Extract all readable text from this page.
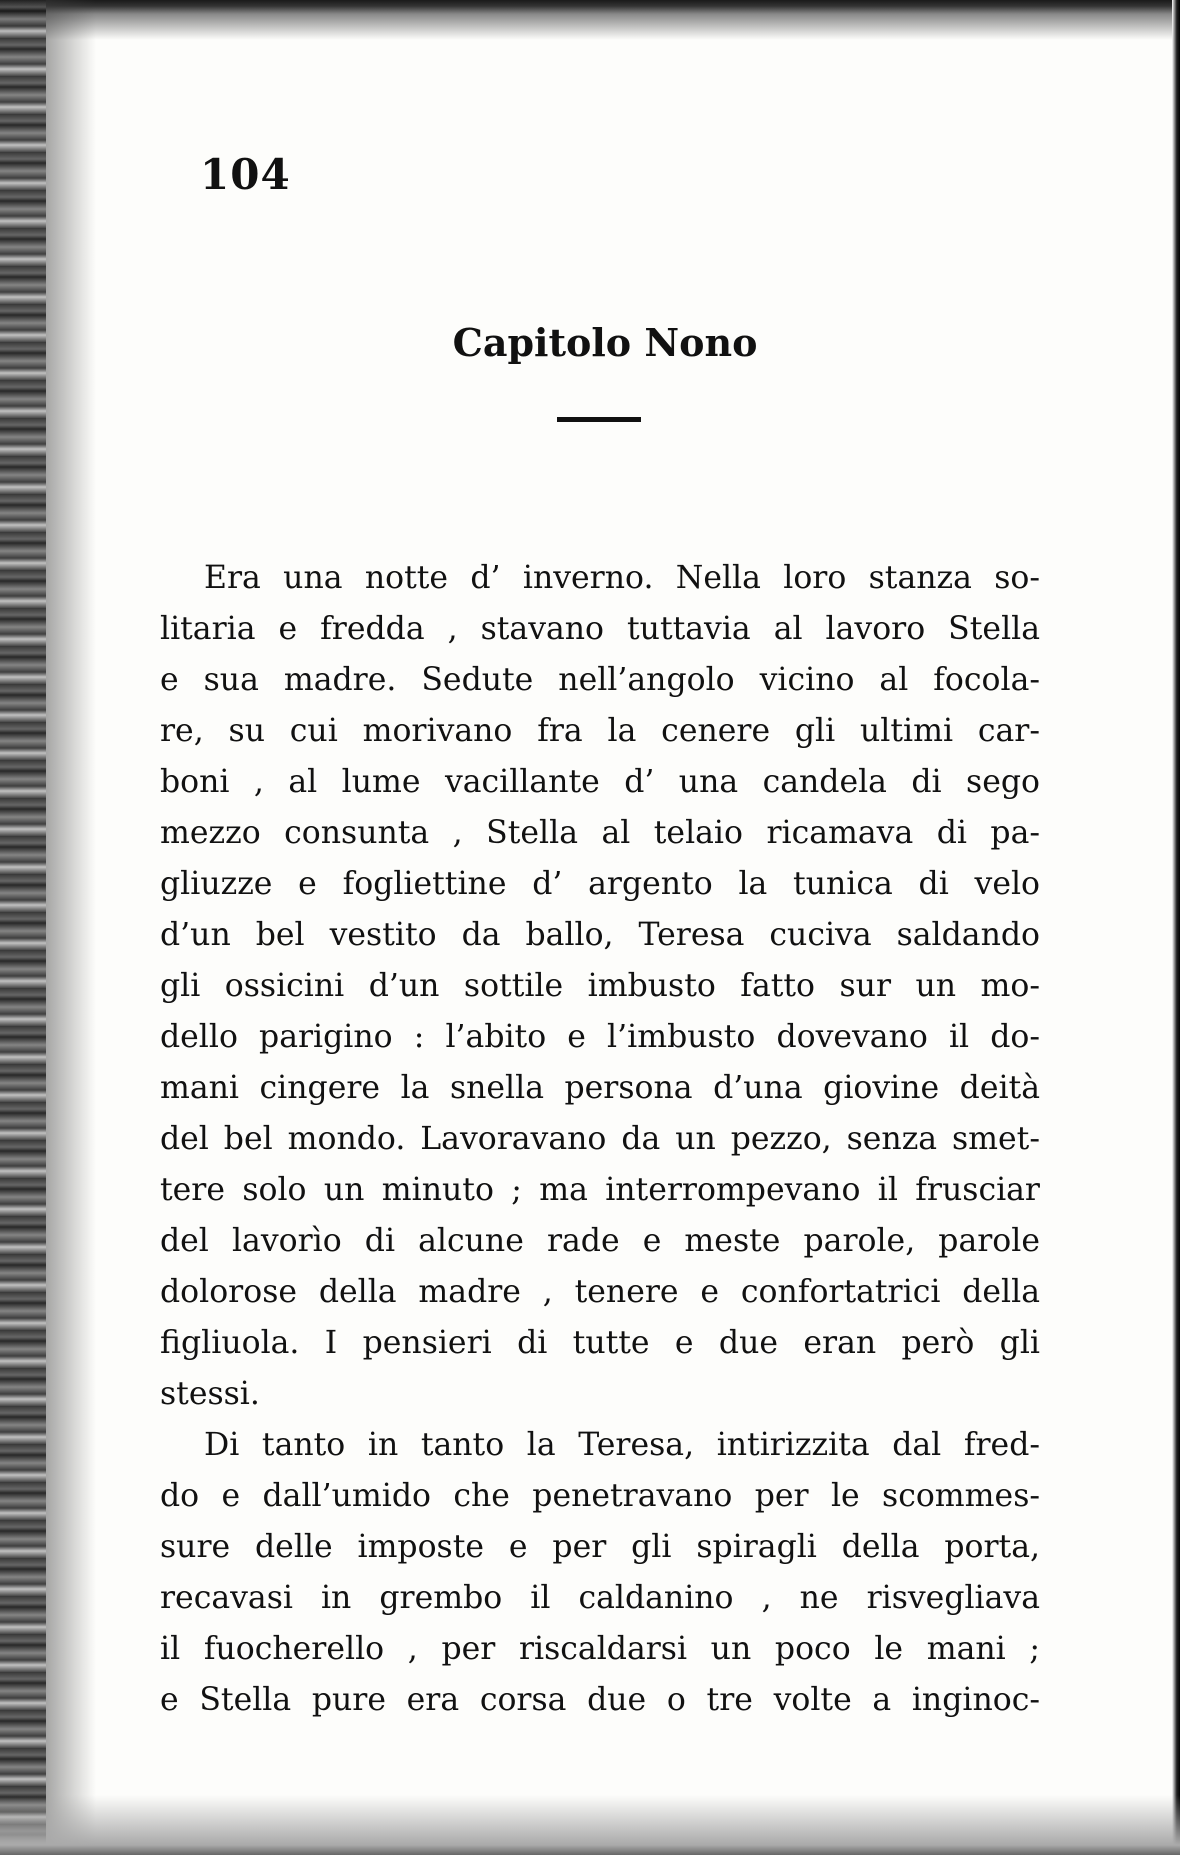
104
Capitolo Nono
Era una notte d’ inverno. Nella loro stanza so-
litaria e fredda , stavano tuttavia al lavoro Stella
e sua madre. Sedute nell’angolo vicino al focola-
re, su cui morivano fra la cenere gli ultimi car-
boni , al lume vacillante d’ una candela di sego
mezzo consunta , Stella al telaio ricamava di pa-
gliuzze e fogliettine d’ argento la tunica di velo
d’un bel vestito da ballo, Teresa cuciva saldando
gli ossicini d’un sottile imbusto fatto sur un mo-
dello parigino : l’abito e l’imbusto dovevano il do-
mani cingere la snella persona d’una giovine deità
del bel mondo. Lavoravano da un pezzo, senza smet-
tere solo un minuto ; ma interrompevano il frusciar
del lavorìo di alcune rade e meste parole, parole
dolorose della madre , tenere e confortatrici della
figliuola. I pensieri di tutte e due eran però gli
stessi.
Di tanto in tanto la Teresa, intirizzita dal fred-
do e dall’umido che penetravano per le scommes-
sure delle imposte e per gli spiragli della porta,
recavasi in grembo il caldanino , ne risvegliava
il fuocherello , per riscaldarsi un poco le mani ;
e Stella pure era corsa due o tre volte a inginoc-
